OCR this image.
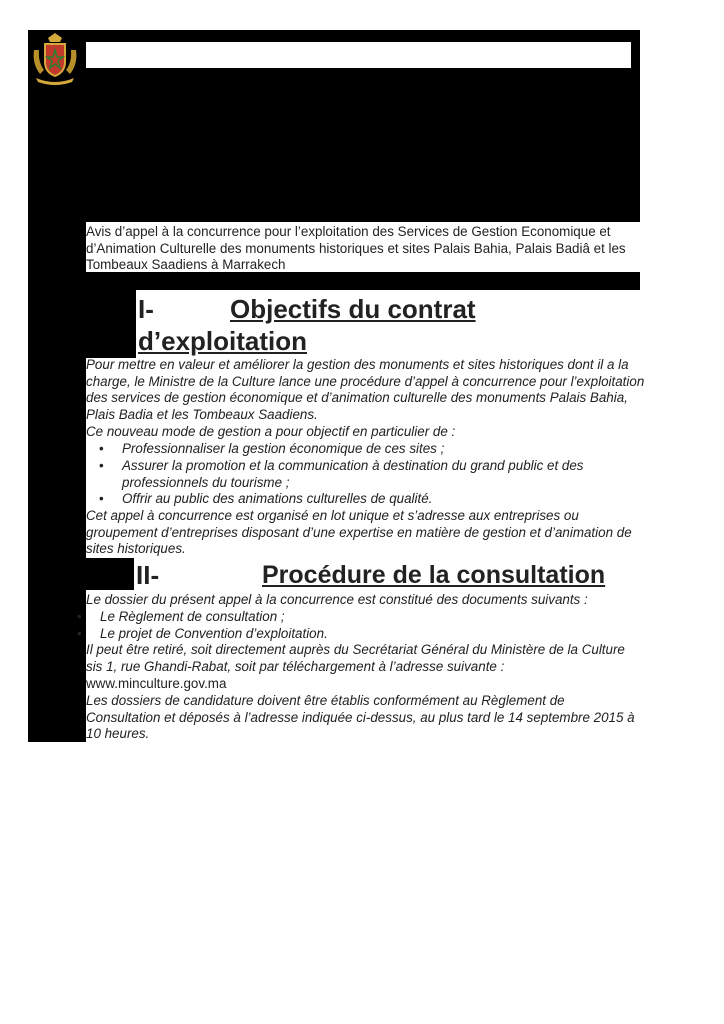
Avis d’appel à la concurrence pour l’exploitation des Services de Gestion Economique et d’Animation Culturelle des monuments historiques et sites Palais Bahia, Palais Badiâ et les Tombeaux Saadiens à Marrakech
I-	Objectifs du contrat
d’exploitation
Pour mettre en valeur et améliorer la gestion des monuments et sites historiques dont il a la charge, le Ministre de la Culture lance une procédure d’appel à concurrence pour l’exploitation des services de gestion économique et d’animation culturelle des monuments Palais Bahia, Plais Badia et les Tombeaux Saadiens.
Ce nouveau mode de gestion a pour objectif en particulier de :
• Professionnaliser la gestion économique de ces sites ;
• Assurer la promotion et la communication à destination du grand public et des professionnels du tourisme ;
• Offrir au public des animations culturelles de qualité.
Cet appel à concurrence est organisé en lot unique et s’adresse aux entreprises ou groupement d’entreprises disposant d’une expertise en matière de gestion et d’animation de sites historiques.
II-	Procédure de la consultation
Le dossier du présent appel à la concurrence est constitué des documents suivants :
• Le Règlement de consultation ;
• Le projet de Convention d’exploitation.
Il peut être retiré, soit directement auprès du Secrétariat Général du Ministère de la Culture sis 1, rue Ghandi-Rabat, soit par téléchargement à l’adresse suivante :
www.minculture.gov.ma
Les dossiers de candidature doivent être établis conformément au Règlement de Consultation et déposés à l’adresse indiquée ci-dessus, au plus tard le 14 septembre 2015 à 10 heures.
